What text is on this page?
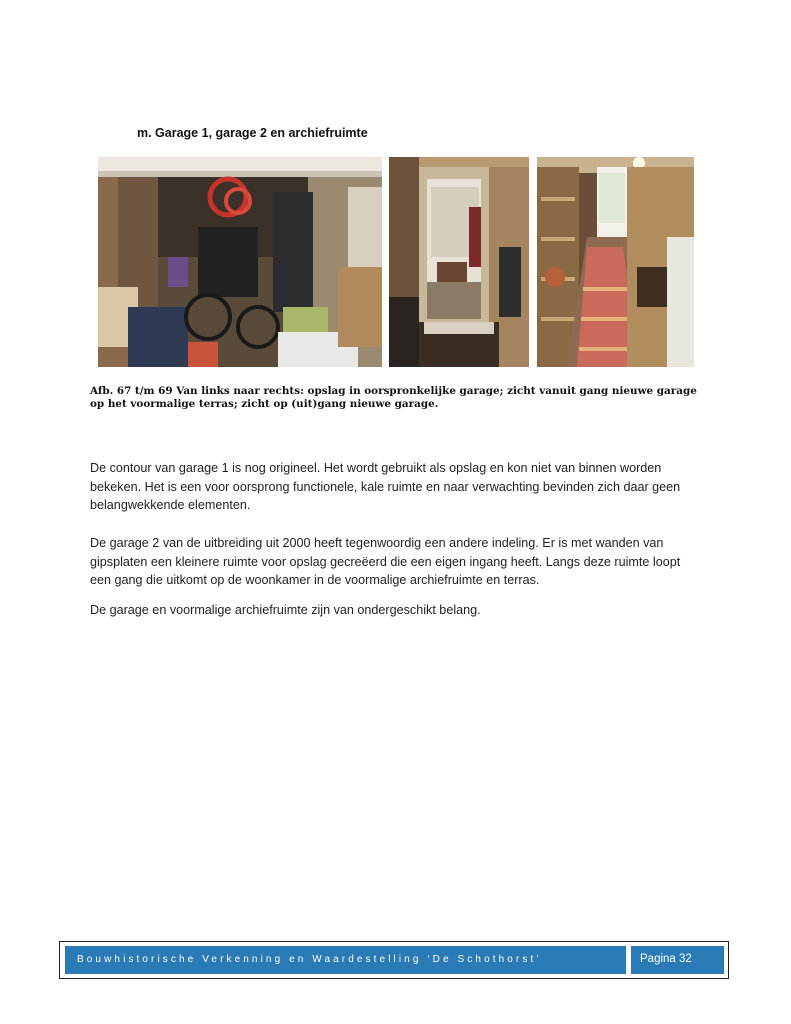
m. Garage 1, garage 2 en archiefruimte
Afb. 67 t/m 69 Van links naar rechts: opslag in oorspronkelijke garage; zicht vanuit gang nieuwe garage op het voormalige terras; zicht op (uit)gang nieuwe garage.

De contour van garage 1 is nog origineel. Het wordt gebruikt als opslag en kon niet van binnen worden bekeken. Het is een voor oorsprong functionele, kale ruimte en naar verwachting bevinden zich daar geen belangwekkende elementen.

De garage 2 van de uitbreiding uit 2000 heeft tegenwoordig een andere indeling. Er is met wanden van gipsplaten een kleinere ruimte voor opslag gecreëerd die een eigen ingang heeft. Langs deze ruimte loopt een gang die uitkomt op de woonkamer in de voormalige archiefruimte en terras.

De garage en voormalige archiefruimte zijn van ondergeschikt belang.

Bouwhistorische Verkenning en Waardestelling ‘De Schothorst’	Pagina 32
